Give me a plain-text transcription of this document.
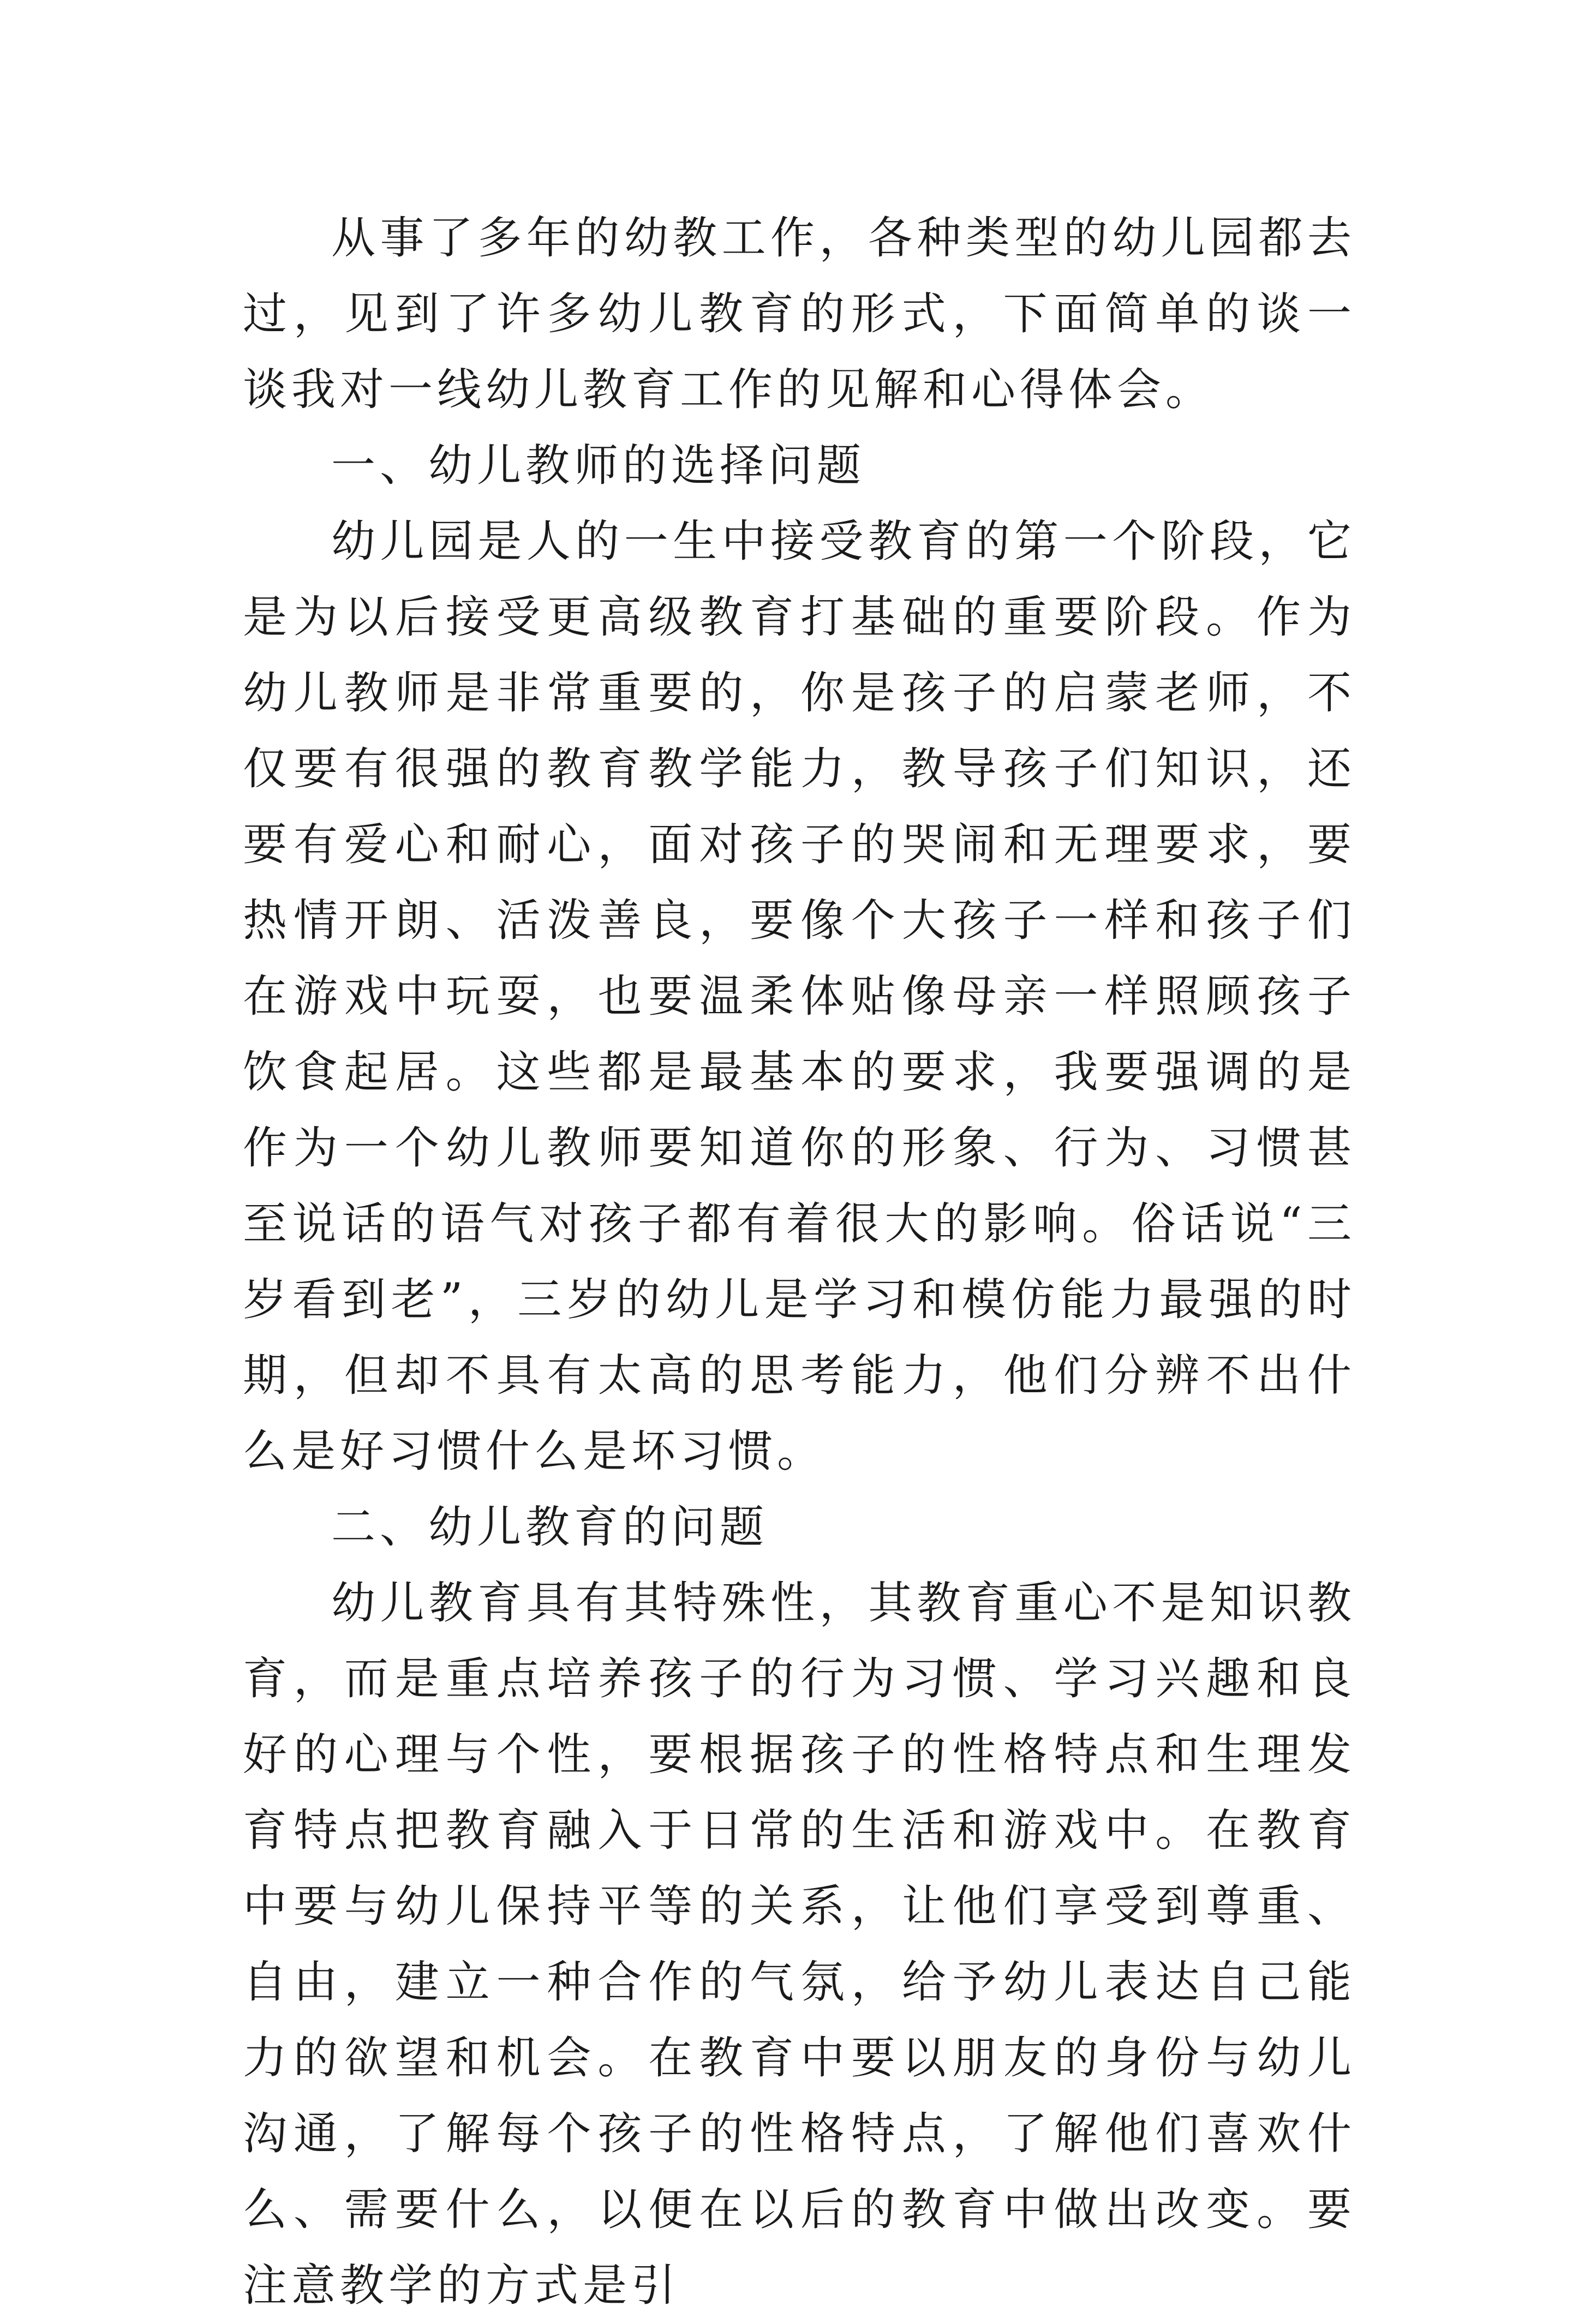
从事了多年的幼教工作，各种类型的幼儿园都去过，见到了许多幼儿教育的形式，下面简单的谈一谈我对一线幼儿教育工作的见解和心得体会。

一、幼儿教师的选择问题

幼儿园是人的一生中接受教育的第一个阶段，它是为以后接受更高级教育打基础的重要阶段。作为幼儿教师是非常重要的，你是孩子的启蒙老师，不仅要有很强的教育教学能力，教导孩子们知识，还要有爱心和耐心，面对孩子的哭闹和无理要求，要热情开朗、活泼善良，要像个大孩子一样和孩子们在游戏中玩耍，也要温柔体贴像母亲一样照顾孩子饮食起居。这些都是最基本的要求，我要强调的是作为一个幼儿教师要知道你的形象、行为、习惯甚至说话的语气对孩子都有着很大的影响。俗话说“三岁看到老”，三岁的幼儿是学习和模仿能力最强的时期，但却不具有太高的思考能力，他们分辨不出什么是好习惯什么是坏习惯。

二、幼儿教育的问题

幼儿教育具有其特殊性，其教育重心不是知识教育，而是重点培养孩子的行为习惯、学习兴趣和良好的心理与个性，要根据孩子的性格特点和生理发育特点把教育融入于日常的生活和游戏中。在教育中要与幼儿保持平等的关系，让他们享受到尊重、自由，建立一种合作的气氛，给予幼儿表达自己能力的欲望和机会。在教育中要以朋友的身份与幼儿沟通，了解每个孩子的性格特点，了解他们喜欢什么、需要什么，以便在以后的教育中做出改变。要注意教学的方式是引
